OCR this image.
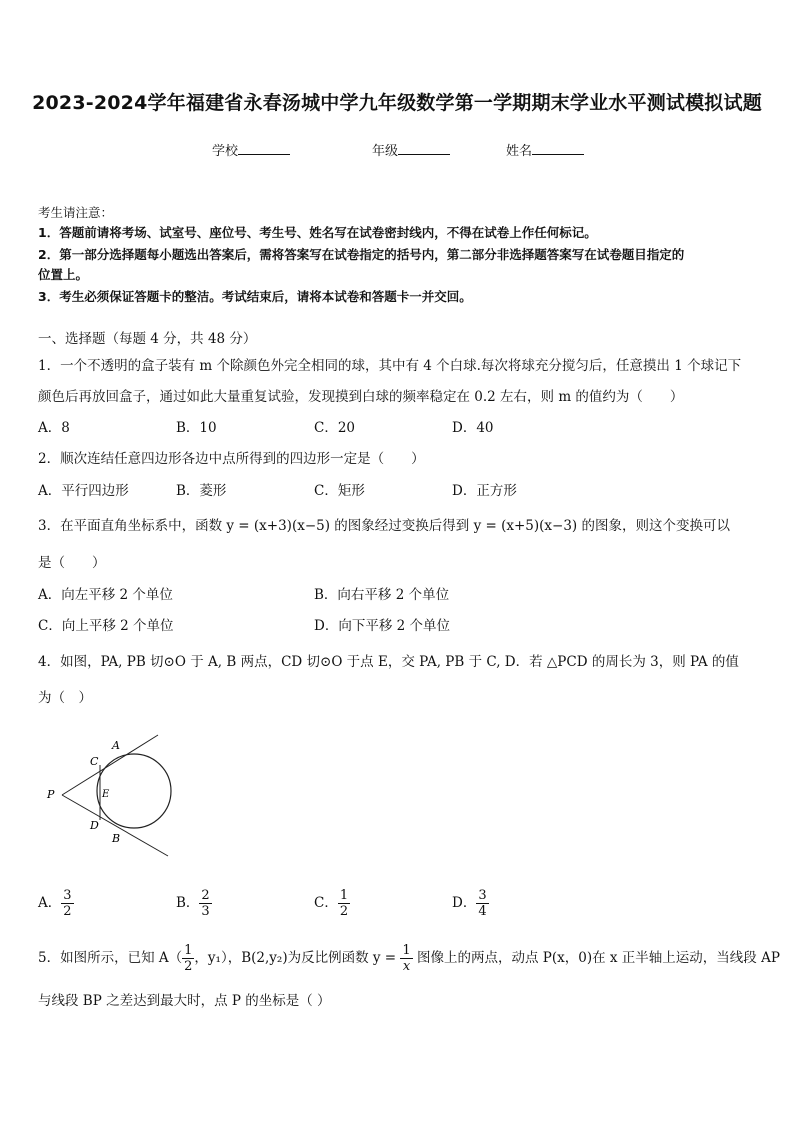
2023-2024学年福建省永春汤城中学九年级数学第一学期期末学业水平测试模拟试题
学校	年级	姓名
考生请注意：
1．答题前请将考场、试室号、座位号、考生号、姓名写在试卷密封线内，不得在试卷上作任何标记。
2．第一部分选择题每小题选出答案后，需将答案写在试卷指定的括号内，第二部分非选择题答案写在试卷题目指定的
位置上。
3．考生必须保证答题卡的整洁。考试结束后，请将本试卷和答题卡一并交回。
一、选择题（每题 4 分，共 48 分）
1．一个不透明的盒子装有 m 个除颜色外完全相同的球，其中有 4 个白球.每次将球充分搅匀后，任意摸出 1 个球记下
颜色后再放回盒子，通过如此大量重复试验，发现摸到白球的频率稳定在 0.2 左右，则 m 的值约为（　　）
A．8	B．10	C．20	D．40
2．顺次连结任意四边形各边中点所得到的四边形一定是（　　）
A．平行四边形	B．菱形	C．矩形	D．正方形
3．在平面直角坐标系中，函数 y = (x+3)(x−5) 的图象经过变换后得到 y = (x+5)(x−3) 的图象，则这个变换可以
是（　　）
A．向左平移 2 个单位	B．向右平移 2 个单位
C．向上平移 2 个单位	D．向下平移 2 个单位
4．如图，PA, PB 切⊙O 于 A, B 两点，CD 切⊙O 于点 E，交 PA, PB 于 C, D．若 △PCD 的周长为 3，则 PA 的值
为（　）
A
C
P	E
D
B
A． $\frac{3}{2}$	B． $\frac{2}{3}$	C． $\frac{1}{2}$	D． $\frac{3}{4}$
5．如图所示，已知 $A( \frac{1}{2}$ ，y₁），B(2,y₂)为反比例函数 $y = \frac{1}{x}$ 图像上的两点，动点 P(x，0)在 x 正半轴上运动，当线段 AP
与线段 BP 之差达到最大时，点 P 的坐标是（ ）
